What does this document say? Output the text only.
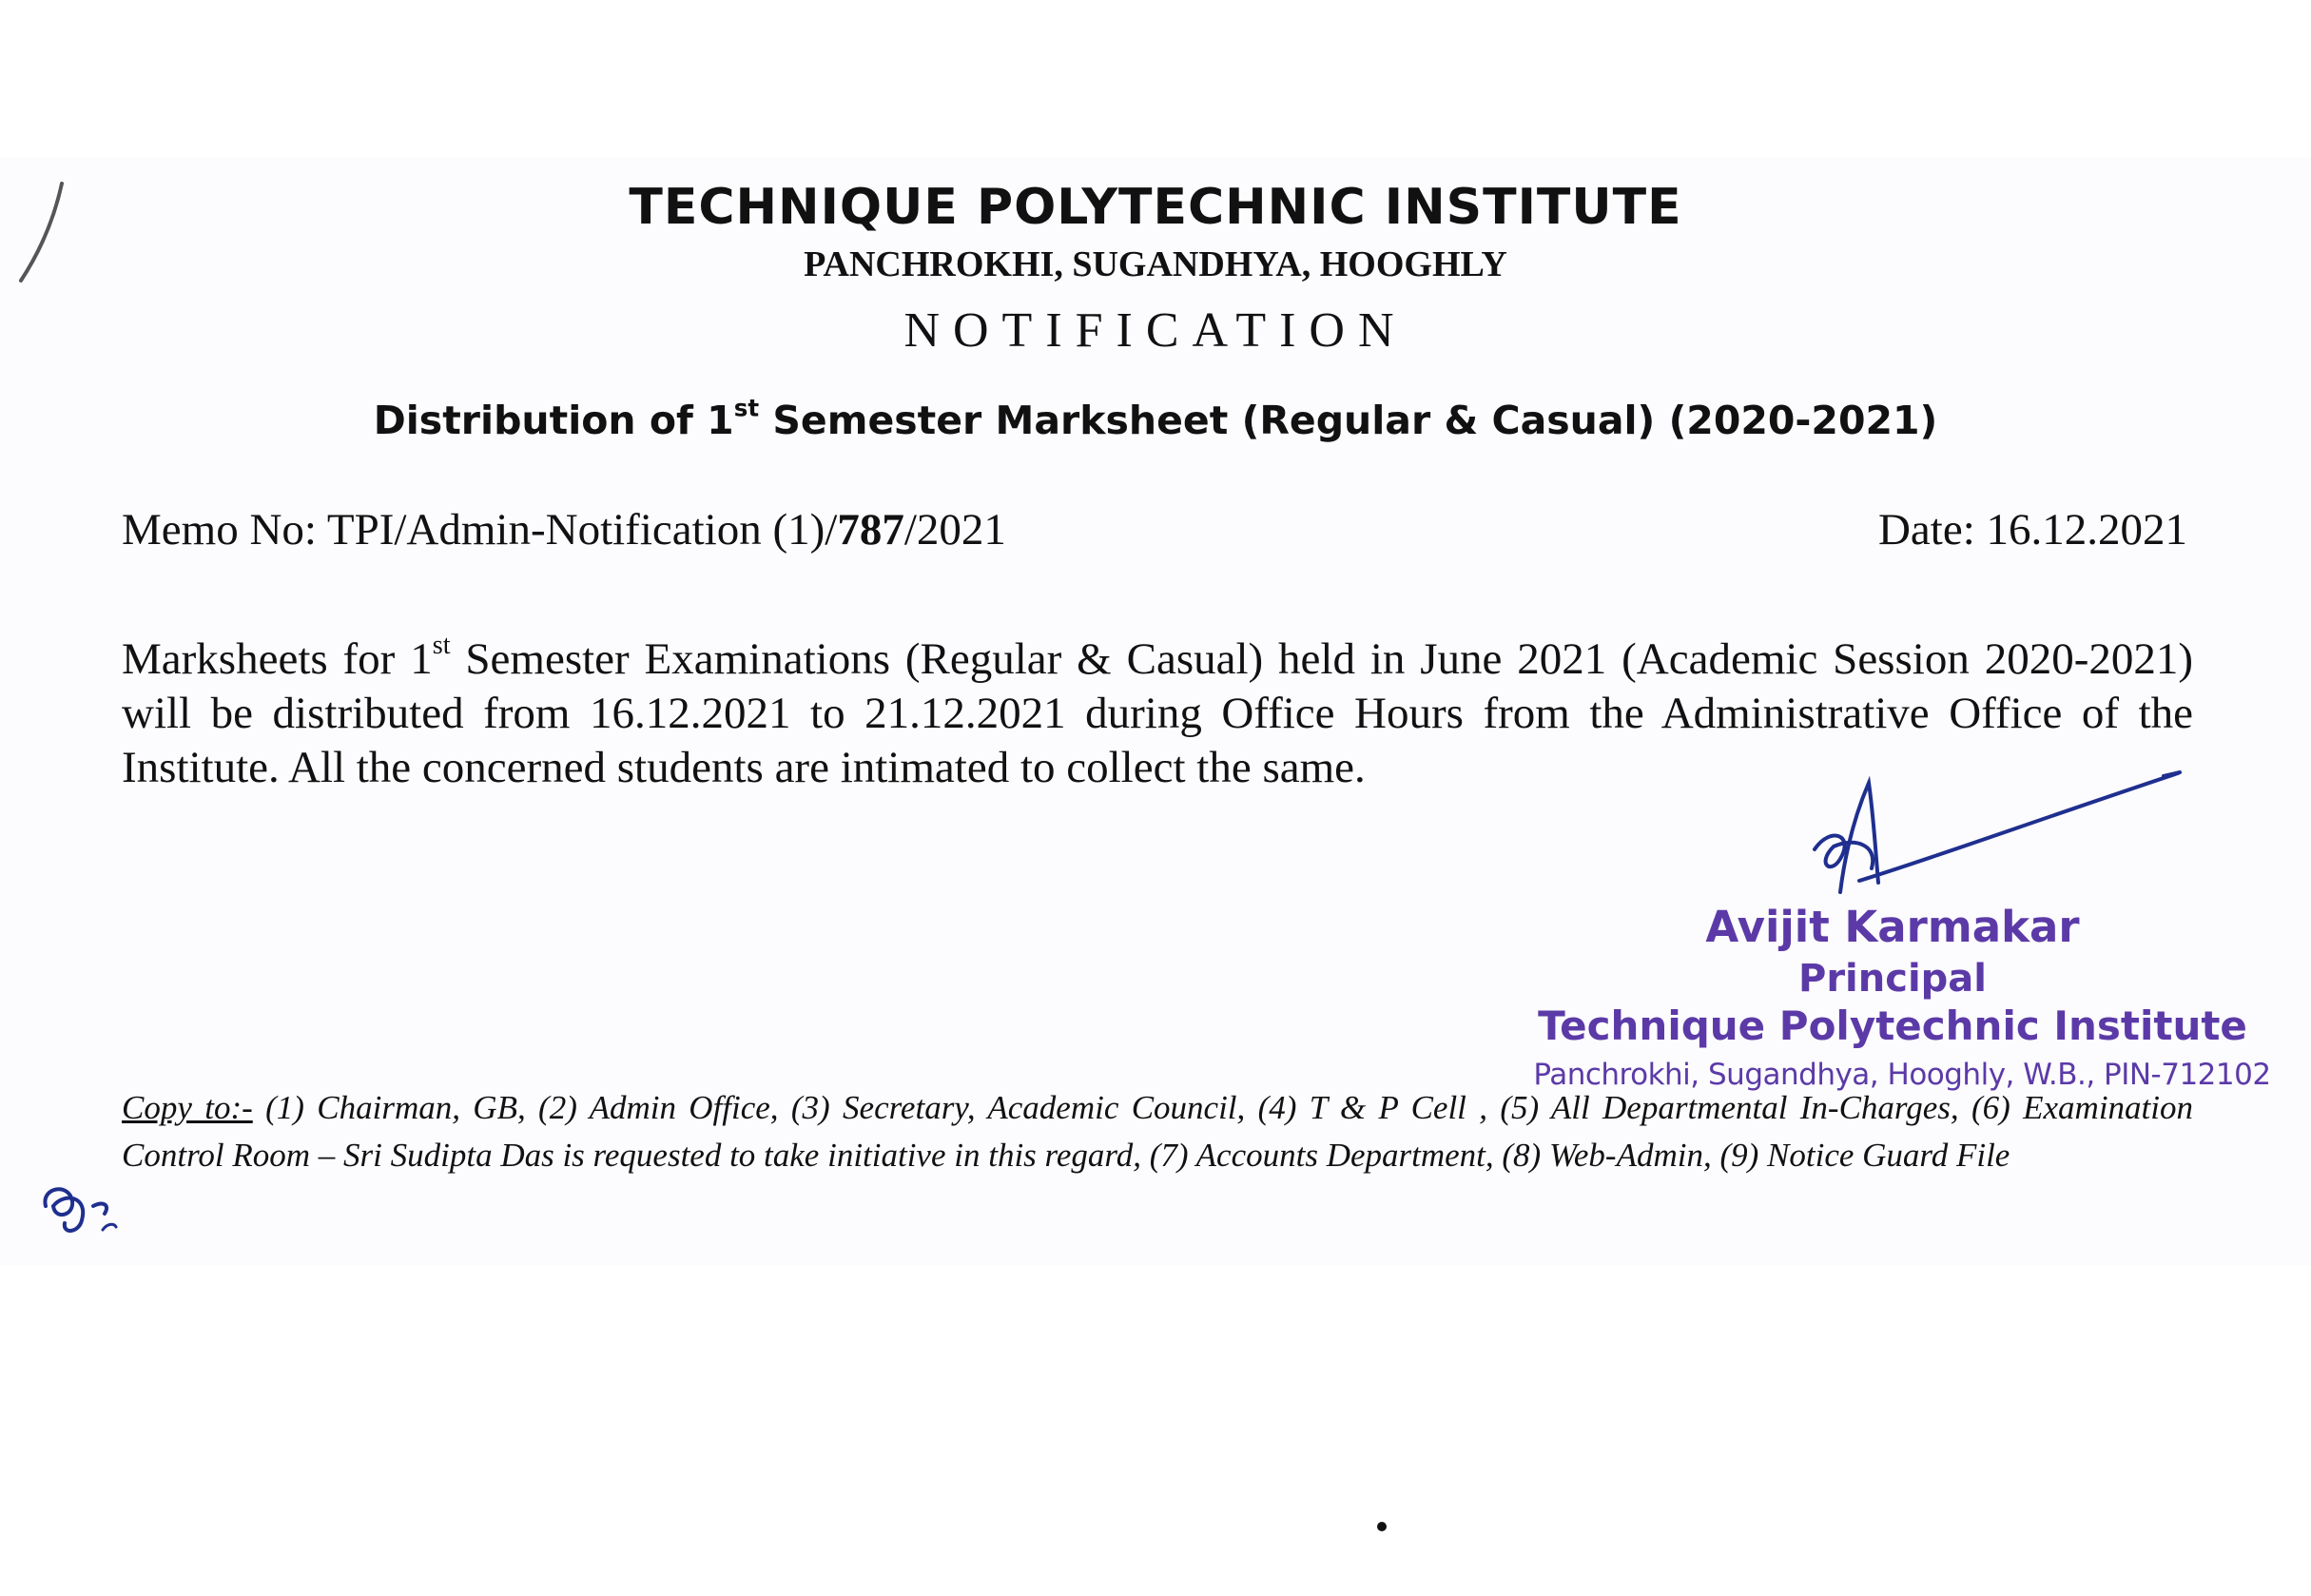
TECHNIQUE POLYTECHNIC INSTITUTE
PANCHROKHI, SUGANDHYA, HOOGHLY
NOTIFICATION
Distribution of 1st Semester Marksheet (Regular & Casual) (2020-2021)
Memo No: TPI/Admin-Notification (1)/787/2021	Date: 16.12.2021
Marksheets for 1st Semester Examinations (Regular & Casual) held in June 2021 (Academic Session 2020-2021) will be distributed from 16.12.2021 to 21.12.2021 during Office Hours from the Administrative Office of the Institute. All the concerned students are intimated to collect the same.
Avijit Karmakar
Principal
Technique Polytechnic Institute
Panchrokhi, Sugandhya, Hooghly, W.B., PIN-712102
Copy to:- (1) Chairman, GB, (2) Admin Office, (3) Secretary, Academic Council, (4) T & P Cell , (5) All Departmental In-Charges, (6) Examination Control Room – Sri Sudipta Das is requested to take initiative in this regard, (7) Accounts Department, (8) Web-Admin, (9) Notice Guard File
